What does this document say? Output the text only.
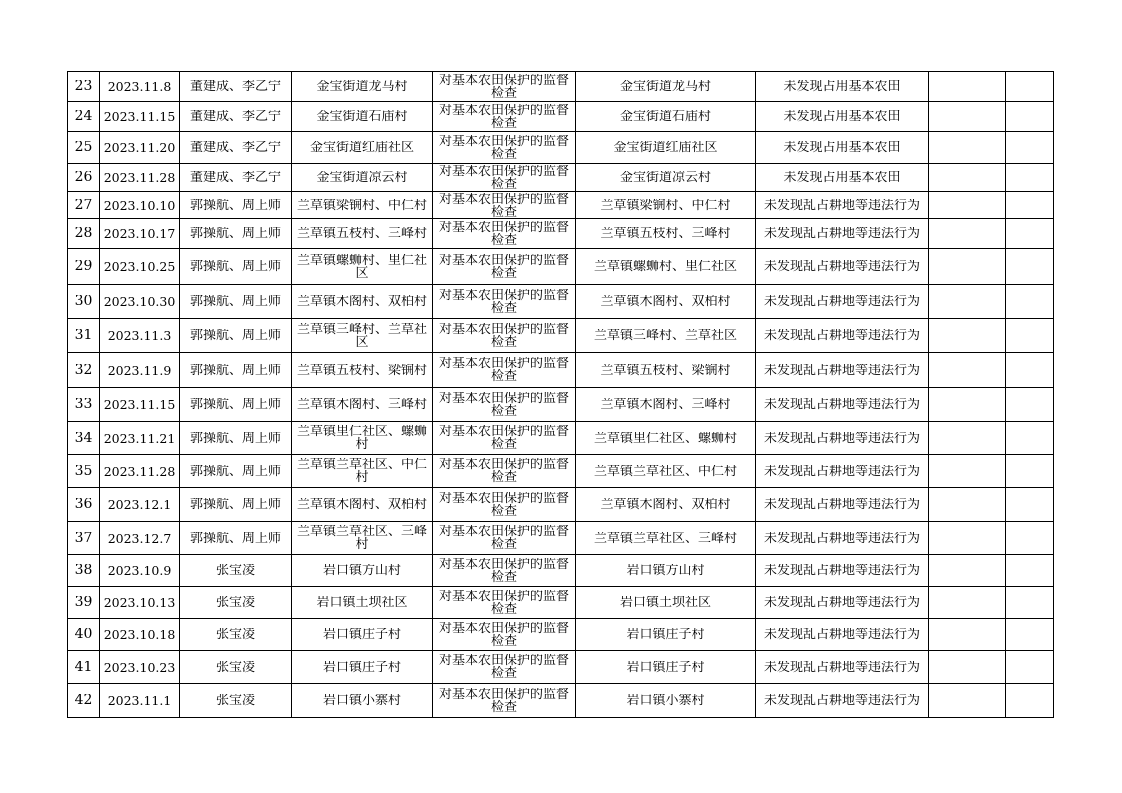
23	2023.11.8	董建成、李乙宁	金宝街道龙马村	对基本农田保护的监督检查	金宝街道龙马村	未发现占用基本农田		

24	2023.11.15	董建成、李乙宁	金宝街道石庙村	对基本农田保护的监督检查	金宝街道石庙村	未发现占用基本农田		

25	2023.11.20	董建成、李乙宁	金宝街道红庙社区	对基本农田保护的监督检查	金宝街道红庙社区	未发现占用基本农田		

26	2023.11.28	董建成、李乙宁	金宝街道凉云村	对基本农田保护的监督检查	金宝街道凉云村	未发现占用基本农田		

27	2023.10.10	郭操航、周上师	兰草镇梁锎村、中仁村	对基本农田保护的监督检查	兰草镇梁锎村、中仁村	未发现乱占耕地等违法行为		

28	2023.10.17	郭操航、周上师	兰草镇五枝村、三峰村	对基本农田保护的监督检查	兰草镇五枝村、三峰村	未发现乱占耕地等违法行为		

29	2023.10.25	郭操航、周上师	兰草镇螺蛳村、里仁社区	对基本农田保护的监督检查	兰草镇螺蛳村、里仁社区	未发现乱占耕地等违法行为		

30	2023.10.30	郭操航、周上师	兰草镇木阁村、双柏村	对基本农田保护的监督检查	兰草镇木阁村、双柏村	未发现乱占耕地等违法行为		

31	2023.11.3	郭操航、周上师	兰草镇三峰村、兰草社区	对基本农田保护的监督检查	兰草镇三峰村、兰草社区	未发现乱占耕地等违法行为		

32	2023.11.9	郭操航、周上师	兰草镇五枝村、梁锎村	对基本农田保护的监督检查	兰草镇五枝村、梁锎村	未发现乱占耕地等违法行为		

33	2023.11.15	郭操航、周上师	兰草镇木阁村、三峰村	对基本农田保护的监督检查	兰草镇木阁村、三峰村	未发现乱占耕地等违法行为		

34	2023.11.21	郭操航、周上师	兰草镇里仁社区、螺蛳村	对基本农田保护的监督检查	兰草镇里仁社区、螺蛳村	未发现乱占耕地等违法行为		

35	2023.11.28	郭操航、周上师	兰草镇兰草社区、中仁村	对基本农田保护的监督检查	兰草镇兰草社区、中仁村	未发现乱占耕地等违法行为		

36	2023.12.1	郭操航、周上师	兰草镇木阁村、双柏村	对基本农田保护的监督检查	兰草镇木阁村、双柏村	未发现乱占耕地等违法行为		

37	2023.12.7	郭操航、周上师	兰草镇兰草社区、三峰村	对基本农田保护的监督检查	兰草镇兰草社区、三峰村	未发现乱占耕地等违法行为		

38	2023.10.9	张宝凌	岩口镇方山村	对基本农田保护的监督检查	岩口镇方山村	未发现乱占耕地等违法行为		

39	2023.10.13	张宝凌	岩口镇土坝社区	对基本农田保护的监督检查	岩口镇土坝社区	未发现乱占耕地等违法行为		

40	2023.10.18	张宝凌	岩口镇庄子村	对基本农田保护的监督检查	岩口镇庄子村	未发现乱占耕地等违法行为		

41	2023.10.23	张宝凌	岩口镇庄子村	对基本农田保护的监督检查	岩口镇庄子村	未发现乱占耕地等违法行为		

42	2023.11.1	张宝凌	岩口镇小寨村	对基本农田保护的监督检查	岩口镇小寨村	未发现乱占耕地等违法行为		
